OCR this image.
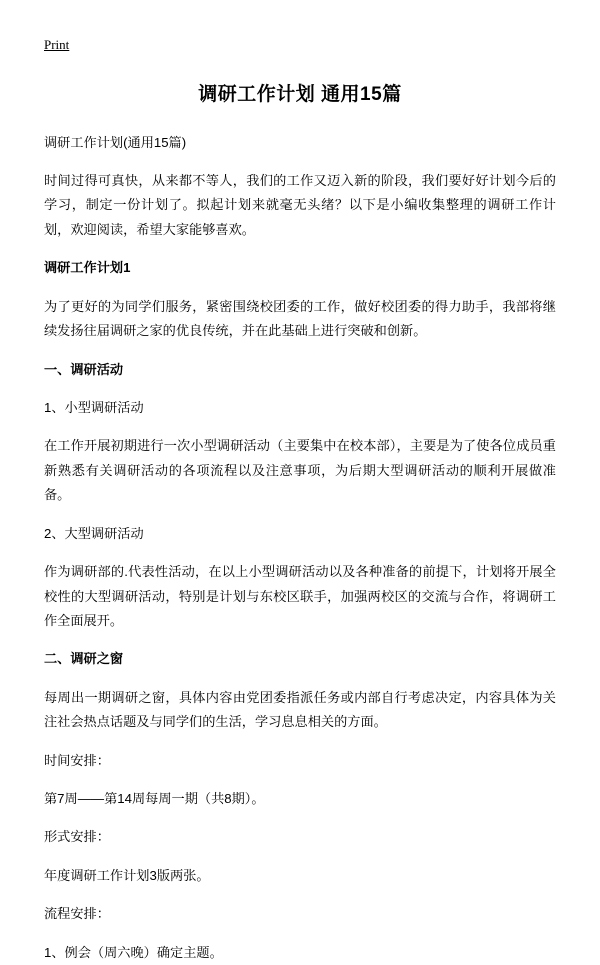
Print
调研工作计划 通用15篇

调研工作计划(通用15篇)

时间过得可真快，从来都不等人，我们的工作又迈入新的阶段，我们要好好计划今后的学习，制定一份计划了。拟起计划来就毫无头绪？以下是小编收集整理的调研工作计划，欢迎阅读，希望大家能够喜欢。

调研工作计划1

为了更好的为同学们服务，紧密围绕校团委的工作，做好校团委的得力助手，我部将继续发扬往届调研之家的优良传统，并在此基础上进行突破和创新。

一、调研活动

1、小型调研活动

在工作开展初期进行一次小型调研活动（主要集中在校本部），主要是为了使各位成员重新熟悉有关调研活动的各项流程以及注意事项，为后期大型调研活动的顺利开展做准备。

2、大型调研活动

作为调研部的.代表性活动，在以上小型调研活动以及各种准备的前提下，计划将开展全校性的大型调研活动，特别是计划与东校区联手，加强两校区的交流与合作，将调研工作全面展开。

二、调研之窗

每周出一期调研之窗，具体内容由党团委指派任务或内部自行考虑决定，内容具体为关注社会热点话题及与同学们的生活，学习息息相关的方面。

时间安排：

第7周——第14周每周一期（共8期）。

形式安排：

年度调研工作计划3版两张。

流程安排：

1、例会（周六晚）确定主题。
